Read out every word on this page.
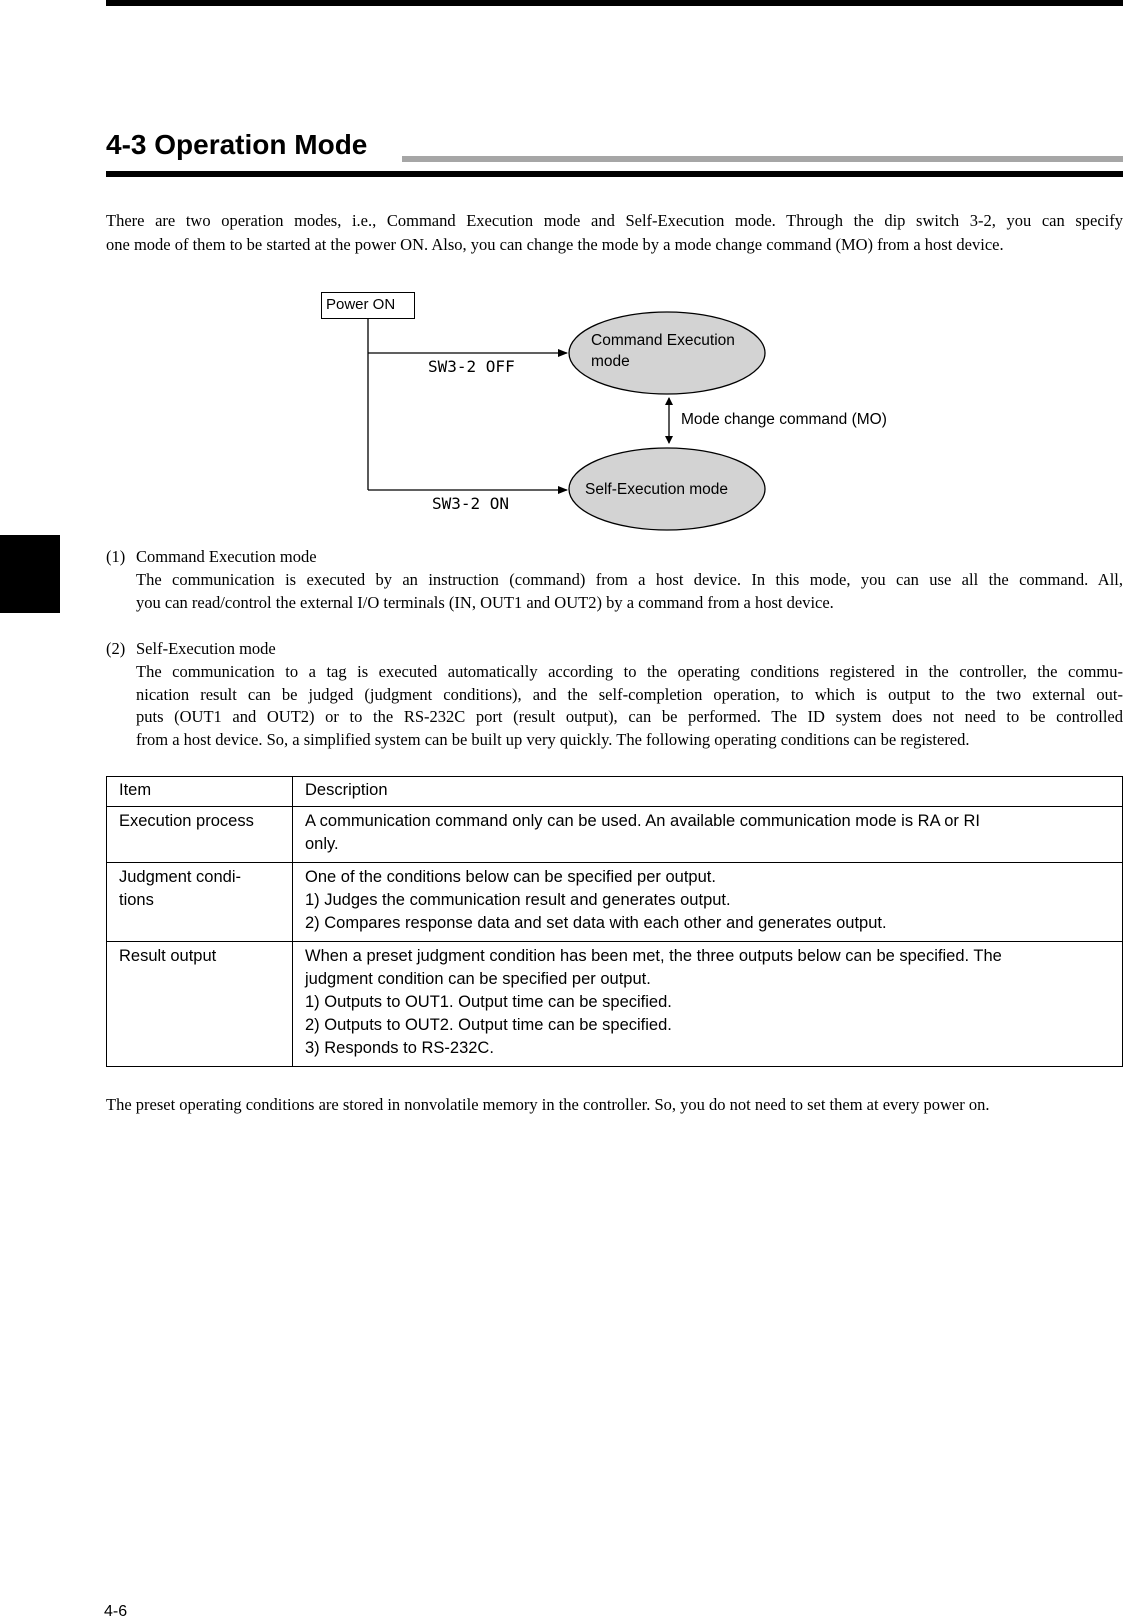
4-3 Operation Mode

There are two operation modes, i.e., Command Execution mode and Self-Execution mode. Through the dip switch 3-2, you can specify
one mode of them to be started at the power ON. Also, you can change the mode by a mode change command (MO) from a host device.

Power ON
SW3-2 OFF
SW3-2 ON
Command Execution
mode
Self-Execution mode
Mode change command (MO)
(1) Command Execution mode
The communication is executed by an instruction (command) from a host device. In this mode, you can use all the command. All,
you can read/control the external I/O terminals (IN, OUT1 and OUT2) by a command from a host device.
(2) Self-Execution mode
The communication to a tag is executed automatically according to the operating conditions registered in the controller, the commu-
nication result can be judged (judgment conditions), and the self-completion operation, to which is output to the two external out-
puts (OUT1 and OUT2) or to the RS-232C port (result output), can be performed. The ID system does not need to be controlled
from a host device. So, a simplified system can be built up very quickly. The following operating conditions can be registered.
Item	Description

Execution process	A communication command only can be used. An available communication mode is RA or RI
only.

Judgment condi-
tions	One of the conditions below can be specified per output.
1) Judges the communication result and generates output.
2) Compares response data and set data with each other and generates output.

Result output	When a preset judgment condition has been met, the three outputs below can be specified. The
judgment condition can be specified per output.
1) Outputs to OUT1. Output time can be specified.
2) Outputs to OUT2. Output time can be specified.
3) Responds to RS-232C.

The preset operating conditions are stored in nonvolatile memory in the controller. So, you do not need to set them at every power on.

4-6
